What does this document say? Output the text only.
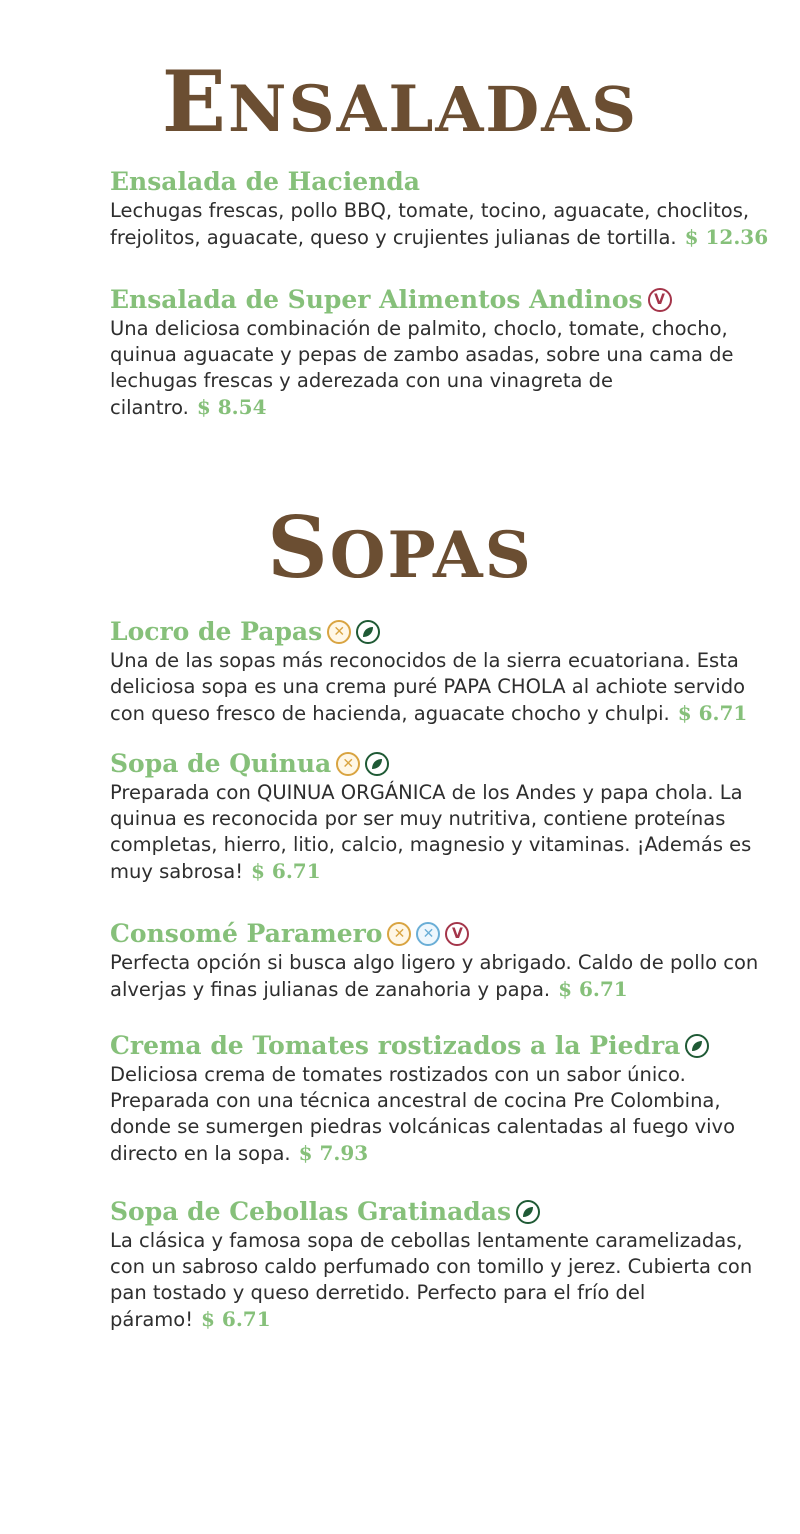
ENSALADAS

Ensalada de Hacienda

Lechugas frescas, pollo BBQ, tomate, tocino, aguacate, choclitos, frejolitos, aguacate, queso y crujientes julianas de tortilla. $ 12.36

Ensalada de Super Alimentos Andinos V

Una deliciosa combinación de palmito, choclo, tomate, chocho, quinua aguacate y pepas de zambo asadas, sobre una cama de lechugas frescas y aderezada con una vinagreta de cilantro. $ 8.54

SOPAS

Locro de Papas ✕

Una de las sopas más reconocidos de la sierra ecuatoriana. Esta deliciosa sopa es una crema puré PAPA CHOLA al achiote servido con queso fresco de hacienda, aguacate chocho y chulpi. $ 6.71

Sopa de Quinua ✕

Preparada con QUINUA ORGÁNICA de los Andes y papa chola. La quinua es reconocida por ser muy nutritiva, contiene proteínas completas, hierro, litio, calcio, magnesio y vitaminas. ¡Además es muy sabrosa! $ 6.71

Consomé Paramero ✕	✕	V

Perfecta opción si busca algo ligero y abrigado. Caldo de pollo con alverjas y finas julianas de zanahoria y papa. $ 6.71

Crema de Tomates rostizados a la Piedra

Deliciosa crema de tomates rostizados con un sabor único. Preparada con una técnica ancestral de cocina Pre Colombina, donde se sumergen piedras volcánicas calentadas al fuego vivo directo en la sopa. $ 7.93

Sopa de Cebollas Gratinadas

La clásica y famosa sopa de cebollas lentamente caramelizadas, con un sabroso caldo perfumado con tomillo y jerez. Cubierta con pan tostado y queso derretido. Perfecto para el frío del páramo! $ 6.71
